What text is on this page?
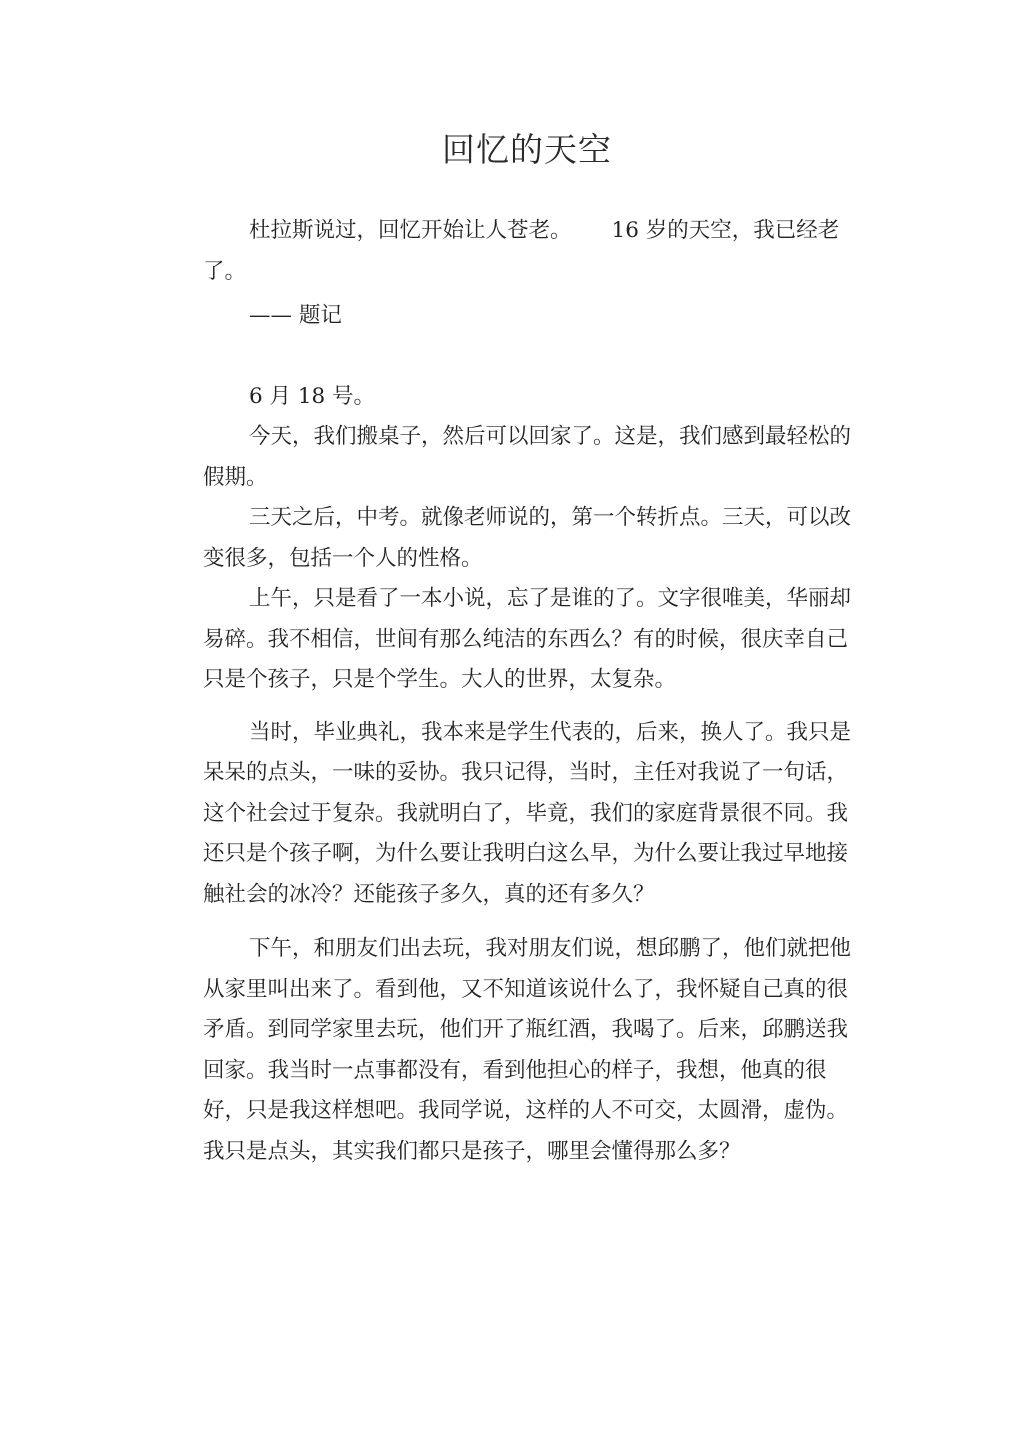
回忆的天空

杜拉斯说过，回忆开始让人苍老。 16 岁的天空，我已经老了。

—— 题记

6 月 18 号。

今天，我们搬桌子，然后可以回家了。这是，我们感到最轻松的假期。

三天之后，中考。就像老师说的，第一个转折点。三天，可以改变很多，包括一个人的性格。

上午，只是看了一本小说，忘了是谁的了。文字很唯美，华丽却易碎。我不相信，世间有那么纯洁的东西么？有的时候，很庆幸自己只是个孩子，只是个学生。大人的世界，太复杂。

当时，毕业典礼，我本来是学生代表的，后来，换人了。我只是呆呆的点头，一味的妥协。我只记得，当时，主任对我说了一句话，这个社会过于复杂。我就明白了，毕竟，我们的家庭背景很不同。我还只是个孩子啊，为什么要让我明白这么早，为什么要让我过早地接触社会的冰冷？还能孩子多久，真的还有多久？

下午，和朋友们出去玩，我对朋友们说，想邱鹏了，他们就把他从家里叫出来了。看到他，又不知道该说什么了，我怀疑自己真的很矛盾。到同学家里去玩，他们开了瓶红酒，我喝了。后来，邱鹏送我回家。我当时一点事都没有，看到他担心的样子，我想，他真的很好，只是我这样想吧。我同学说，这样的人不可交，太圆滑，虚伪。我只是点头，其实我们都只是孩子，哪里会懂得那么多？
